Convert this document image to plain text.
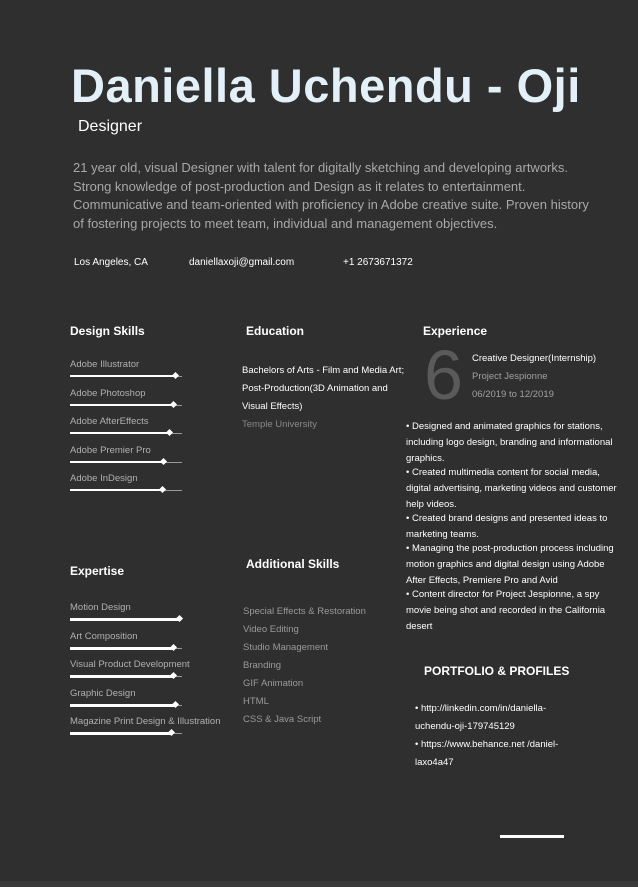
Daniella Uchendu - Oji
Designer
21 year old, visual Designer with talent for digitally sketching and developing artworks. Strong knowledge of post-production and Design as it relates to entertainment. Communicative and team-oriented with proficiency in Adobe creative suite. Proven history of fostering projects to meet team, individual and management objectives.
Los Angeles, CA	daniellaxoji@gmail.com	+1 2673671372
Design Skills
Adobe Illustrator
Adobe Photoshop
Adobe AfterEffects
Adobe Premier Pro
Adobe InDesign
Expertise
Motion Design
Art Composition
Visual Product Development
Graphic Design
Magazine Print Design & Illustration
Education
Bachelors of Arts - Film and Media Art;
Post-Production(3D Animation and
Visual Effects)
Temple University
Additional Skills
Special Effects & Restoration
Video Editing
Studio Management
Branding
GIF Animation
HTML
CSS & Java Script
Experience
6 Creative Designer(Internship)
Project Jespionne
06/2019 to 12/2019
• Designed and animated graphics for stations, including logo design, branding and informational graphics.
• Created multimedia content for social media, digital advertising, marketing videos and customer help videos.
• Created brand designs and presented ideas to marketing teams.
• Managing the post-production process including motion graphics and digital design using Adobe After Effects, Premiere Pro and Avid
• Content director for Project Jespionne, a spy movie being shot and recorded in the California desert
PORTFOLIO & PROFILES
• http://linkedin.com/in/daniella-uchendu-oji-179745129
• https://www.behance.net /daniel-laxo4a47
